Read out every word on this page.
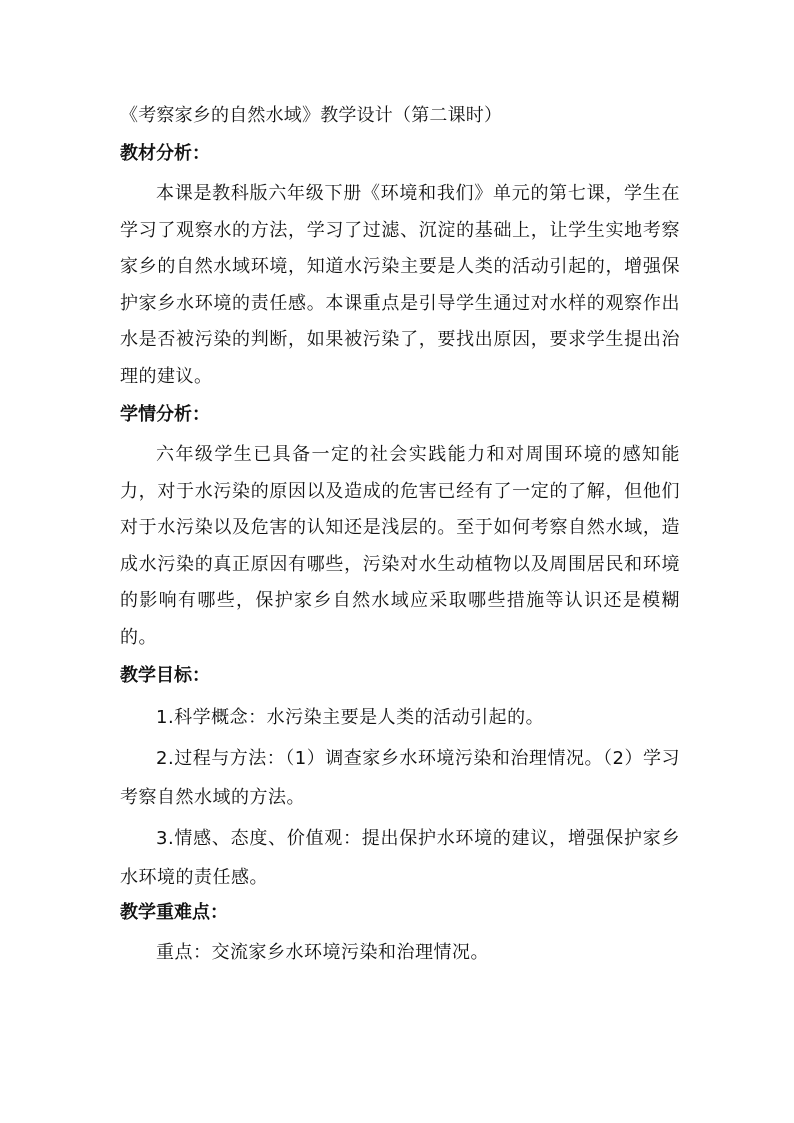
《考察家乡的自然水域》教学设计（第二课时）
教材分析：

本课是教科版六年级下册《环境和我们》单元的第七课，学生在学习了观察水的方法，学习了过滤、沉淀的基础上，让学生实地考察家乡的自然水域环境，知道水污染主要是人类的活动引起的，增强保护家乡水环境的责任感。本课重点是引导学生通过对水样的观察作出水是否被污染的判断，如果被污染了，要找出原因，要求学生提出治理的建议。

学情分析：

六年级学生已具备一定的社会实践能力和对周围环境的感知能力，对于水污染的原因以及造成的危害已经有了一定的了解，但他们对于水污染以及危害的认知还是浅层的。至于如何考察自然水域，造成水污染的真正原因有哪些，污染对水生动植物以及周围居民和环境的影响有哪些，保护家乡自然水域应采取哪些措施等认识还是模糊的。

教学目标：

1.科学概念：水污染主要是人类的活动引起的。

2.过程与方法：（1）调查家乡水环境污染和治理情况。（2）学习考察自然水域的方法。

3.情感、态度、价值观：提出保护水环境的建议，增强保护家乡水环境的责任感。

教学重难点：

重点：交流家乡水环境污染和治理情况。
